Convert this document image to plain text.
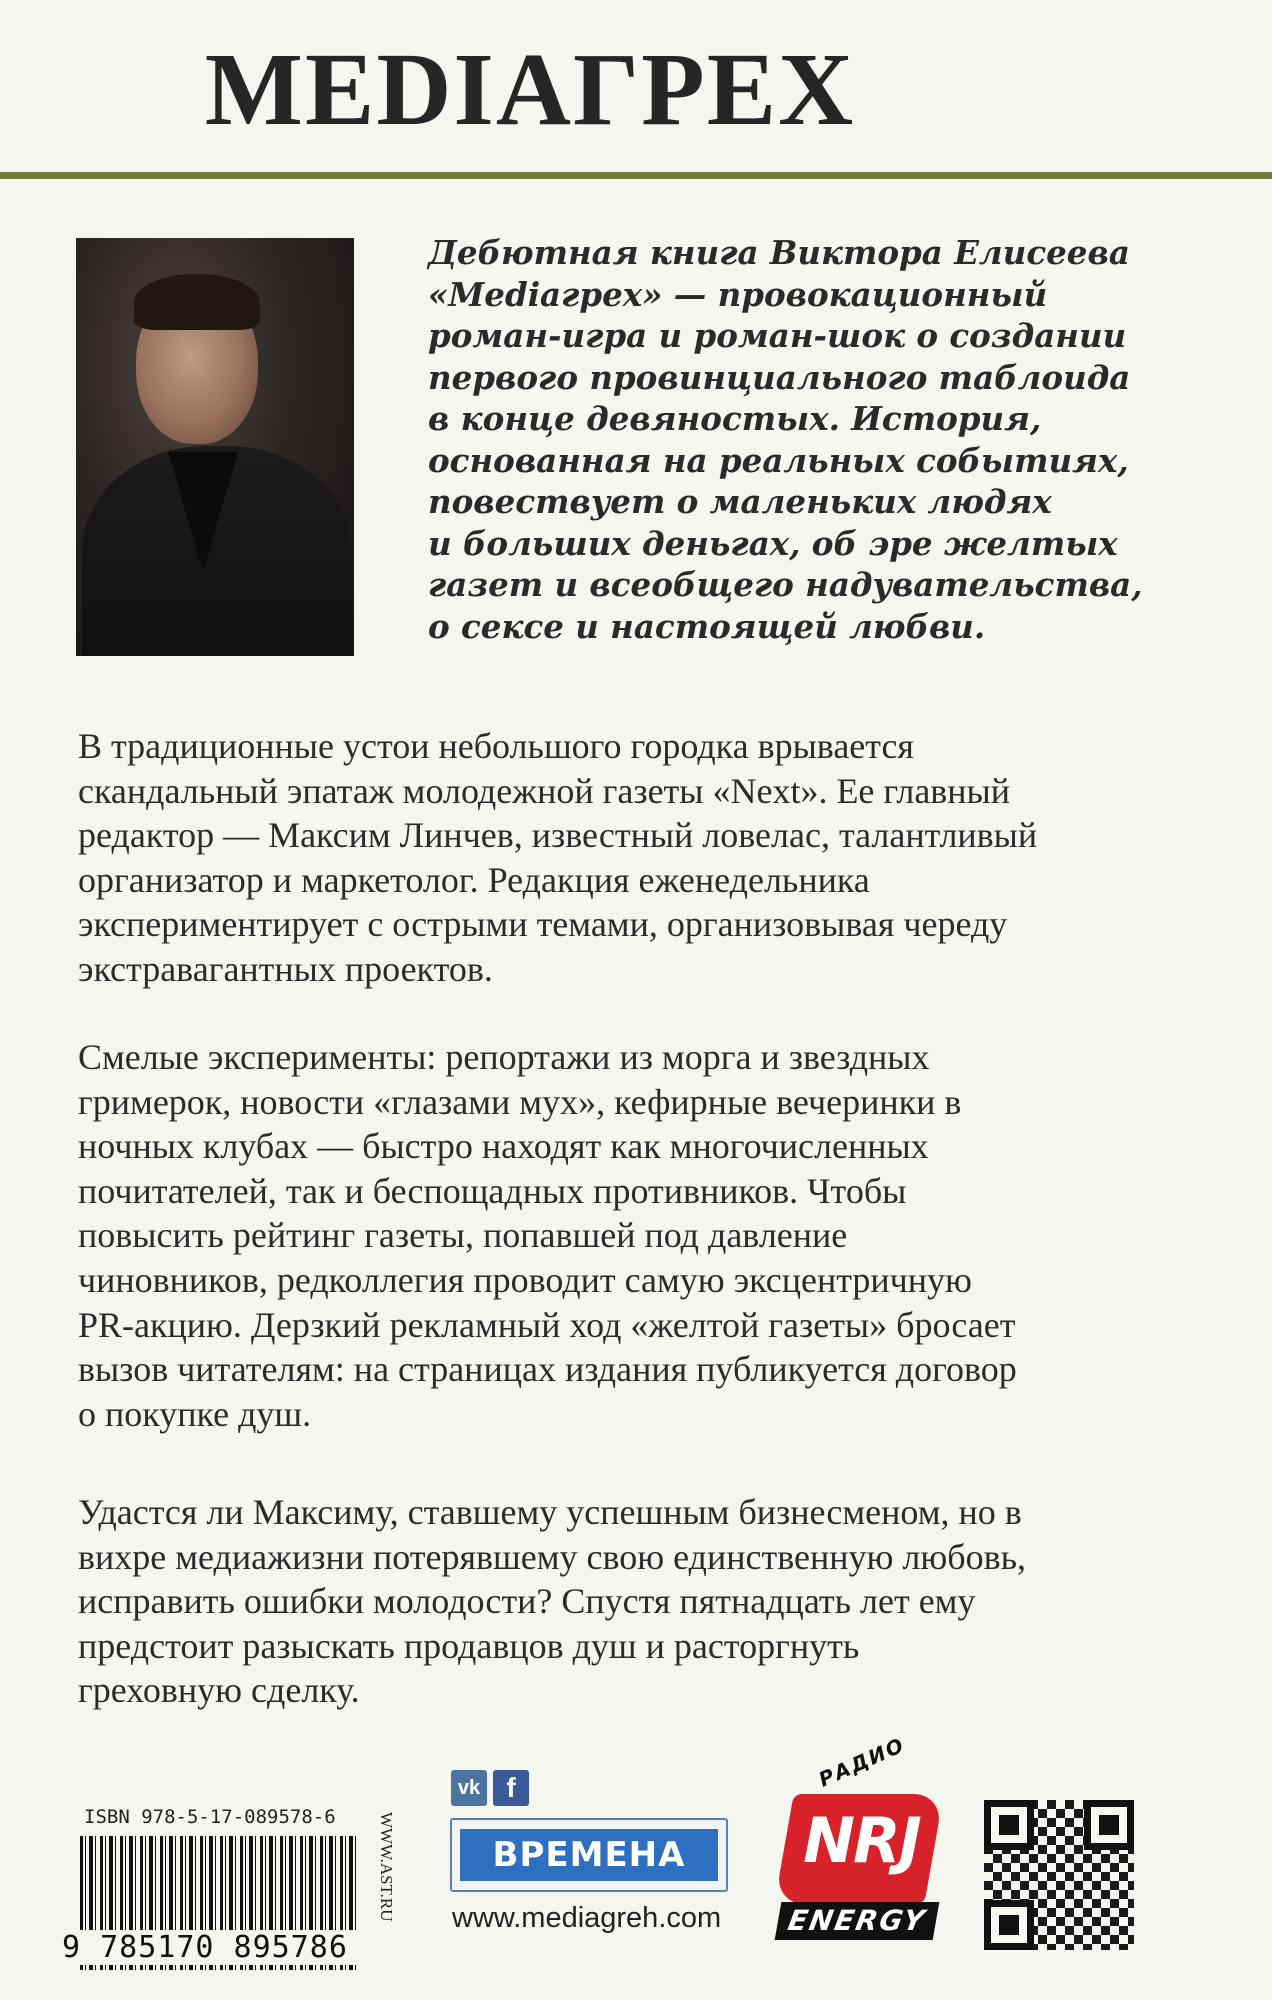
MEDIAГРЕХ
Дебютная книга Виктора Елисеева
«Mediaгрех» — провокационный
роман-игра и роман-шок о создании
первого провинциального таблоида
в конце девяностых. История,
основанная на реальных событиях,
повествует о маленьких людях
и больших деньгах, об эре желтых
газет и всеобщего надувательства,
о сексе и настоящей любви.
В традиционные устои небольшого городка врывается
скандальный эпатаж молодежной газеты «Next». Ее главный
редактор — Максим Линчев, известный ловелас, талантливый
организатор и маркетолог. Редакция еженедельника
экспериментирует с острыми темами, организовывая череду
экстравагантных проектов.
Смелые эксперименты: репортажи из морга и звездных
гримерок, новости «глазами мух», кефирные вечеринки в
ночных клубах — быстро находят как многочисленных
почитателей, так и беспощадных противников. Чтобы
повысить рейтинг газеты, попавшей под давление
чиновников, редколлегия проводит самую эксцентричную
PR-акцию. Дерзкий рекламный ход «желтой газеты» бросает
вызов читателям: на страницах издания публикуется договор
о покупке душ.
Удастся ли Максиму, ставшему успешным бизнесменом, но в
вихре медиажизни потерявшему свою единственную любовь,
исправить ошибки молодости? Спустя пятнадцать лет ему
предстоит разыскать продавцов душ и расторгнуть
греховную сделку.
ISBN 978-5-17-089578-6
9 785170 895786
WWW.AST.RU
vk f
ВРЕМЕНА
www.mediagreh.com
РАДИО
NRJ
ENERGY
